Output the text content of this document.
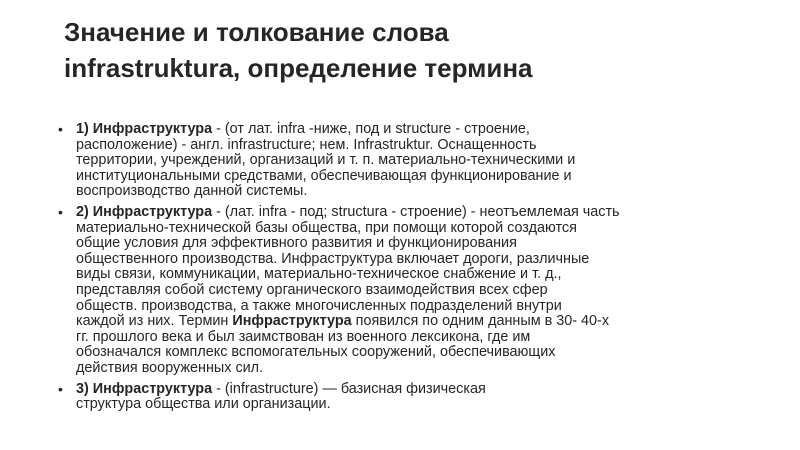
Значение и толкование слова
infrastruktura, определение термина
• 1) Инфраструктура - (от лат. infra -ниже, под и structure - строение,
расположение) - англ. infrastructure; нем. Infrastruktur. Оснащенность
территории, учреждений, организаций и т. п. материально-техническими и
институциональными средствами, обеспечивающая функционирование и
воспроизводство данной системы.
• 2) Инфраструктура - (лат. infra - под; structura - строение) - неотъемлемая часть
материально-технической базы общества, при помощи которой создаются
общие условия для эффективного развития и функционирования
общественного производства. Инфраструктура включает дороги, различные
виды связи, коммуникации, материально-техническое снабжение и т. д.,
представляя собой систему органического взаимодействия всех сфер
обществ. производства, а также многочисленных подразделений внутри
каждой из них. Термин Инфраструктура появился по одним данным в 30- 40-х
гг. прошлого века и был заимствован из военного лексикона, где им
обозначался комплекс вспомогательных сооружений, обеспечивающих
действия вооруженных сил.
• 3) Инфраструктура - (infrastructure) — базисная физическая
структура общества или организации.
